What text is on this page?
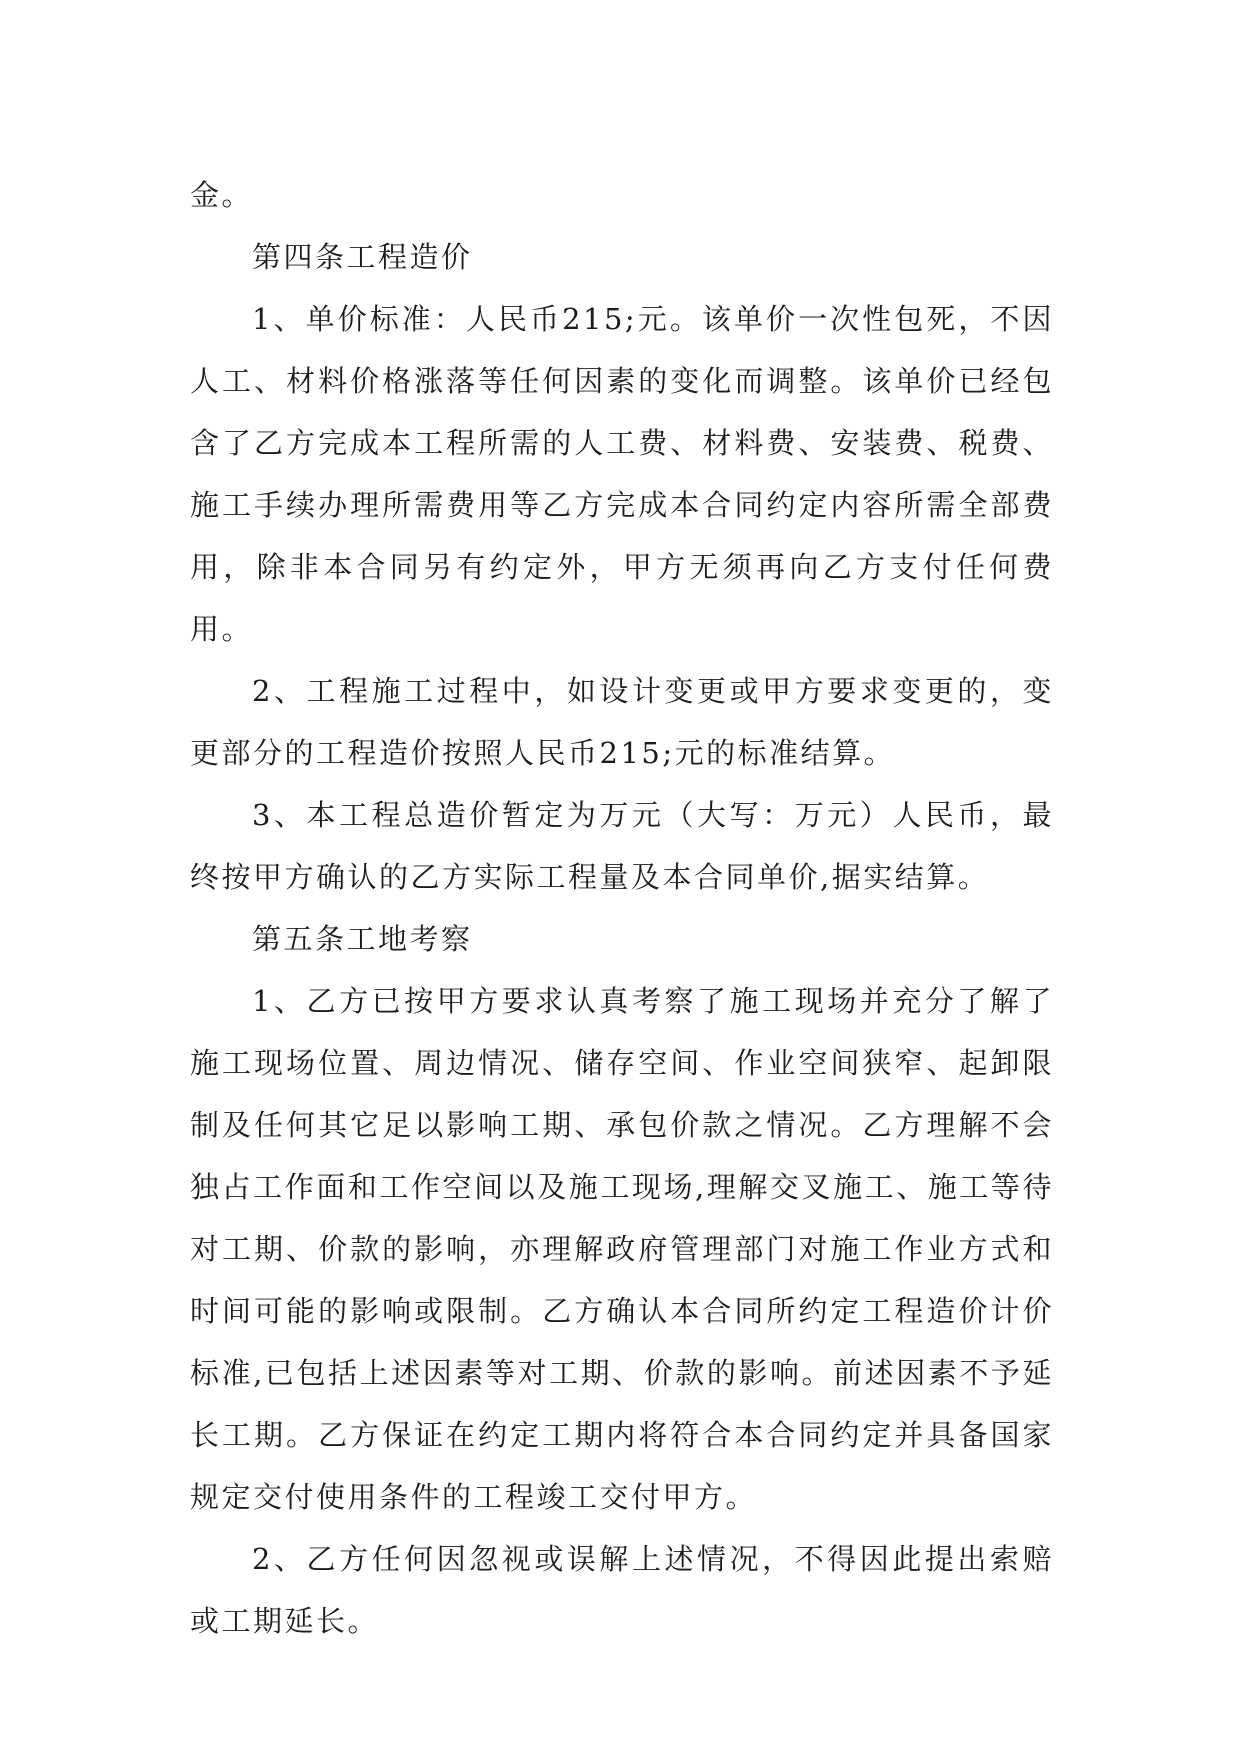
金。

第四条工程造价

1、单价标准：人民币215;元。该单价一次性包死，不因人工、材料价格涨落等任何因素的变化而调整。该单价已经包含了乙方完成本工程所需的人工费、材料费、安装费、税费、施工手续办理所需费用等乙方完成本合同约定内容所需全部费用，除非本合同另有约定外，甲方无须再向乙方支付任何费用。

2、工程施工过程中，如设计变更或甲方要求变更的，变更部分的工程造价按照人民币215;元的标准结算。

3、本工程总造价暂定为万元（大写：万元）人民币，最终按甲方确认的乙方实际工程量及本合同单价,据实结算。

第五条工地考察

1、乙方已按甲方要求认真考察了施工现场并充分了解了施工现场位置、周边情况、储存空间、作业空间狭窄、起卸限制及任何其它足以影响工期、承包价款之情况。乙方理解不会独占工作面和工作空间以及施工现场,理解交叉施工、施工等待对工期、价款的影响，亦理解政府管理部门对施工作业方式和时间可能的影响或限制。乙方确认本合同所约定工程造价计价标准,已包括上述因素等对工期、价款的影响。前述因素不予延长工期。乙方保证在约定工期内将符合本合同约定并具备国家规定交付使用条件的工程竣工交付甲方。

2、乙方任何因忽视或误解上述情况，不得因此提出索赔或工期延长。
